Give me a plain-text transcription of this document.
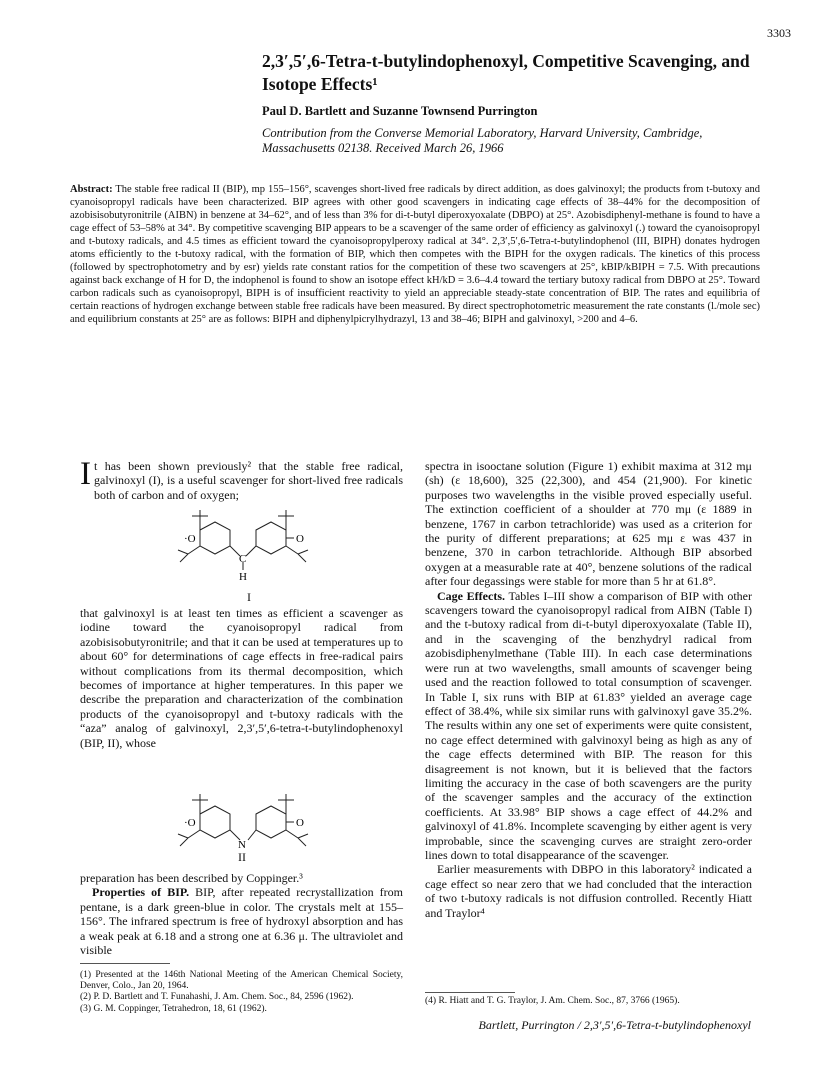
3303
2,3′,5′,6-Tetra-t-butylindophenoxyl, Competitive Scavenging, and Isotope Effects¹
Paul D. Bartlett and Suzanne Townsend Purrington
Contribution from the Converse Memorial Laboratory, Harvard University, Cambridge, Massachusetts 02138. Received March 26, 1966
Abstract: The stable free radical II (BIP), mp 155–156°, scavenges short-lived free radicals by direct addition, as does galvinoxyl; the products from t-butoxy and cyanoisopropyl radicals have been characterized. BIP agrees with other good scavengers in indicating cage effects of 38–44% for the decomposition of azobisisobutyronitrile (AIBN) in benzene at 34–62°, and of less than 3% for di-t-butyl diperoxyoxalate (DBPO) at 25°. Azobisdiphenyl-methane is found to have a cage effect of 53–58% at 34°. By competitive scavenging BIP appears to be a scavenger of the same order of efficiency as galvinoxyl (.) toward the cyanoisopropyl and t-butoxy radicals, and 4.5 times as efficient toward the cyanoisopropylperoxy radical at 34°. 2,3′,5′,6-Tetra-t-butylindophenol (III, BIPH) donates hydrogen atoms efficiently to the t-butoxy radical, with the formation of BIP, which then competes with the BIPH for the oxygen radicals. The kinetics of this process (followed by spectrophotometry and by esr) yields rate constant ratios for the competition of these two scavengers at 25°, kBIP/kBIPH = 7.5. With precautions against back exchange of H for D, the indophenol is found to show an isotope effect kH/kD = 3.6–4.4 toward the tertiary butoxy radical from DBPO at 25°. Toward carbon radicals such as cyanoisopropyl, BIPH is of insufficient reactivity to yield an appreciable steady-state concentration of BIP. The rates and equilibria of certain reactions of hydrogen exchange between stable free radicals have been measured. By direct spectrophotometric measurement the rate constants (l./mole sec) and equilibrium constants at 25° are as follows: BIPH and diphenylpicrylhydrazyl, 13 and 38–46; BIPH and galvinoxyl, >200 and 4–6.
I t has been shown previously² that the stable free radical, galvinoxyl (I), is a useful scavenger for short-lived free radicals both of carbon and of oxygen;

·O	O
C
H
I
that galvinoxyl is at least ten times as efficient a scavenger as iodine toward the cyanoisopropyl radical from azobisisobutyronitrile; and that it can be used at temperatures up to about 60° for determinations of cage effects in free-radical pairs without complications from its thermal decomposition, which becomes of importance at higher temperatures. In this paper we describe the preparation and characterization of the combination products of the cyanoisopropyl and t-butoxy radicals with the “aza” analog of galvinoxyl, 2,3′,5′,6-tetra-t-butylindophenoxyl (BIP, II), whose
·O	O
N
II

preparation has been described by Coppinger.³

Properties of BIP. BIP, after repeated recrystallization from pentane, is a dark green-blue in color. The crystals melt at 155–156°. The infrared spectrum is free of hydroxyl absorption and has a weak peak at 6.18 and a strong one at 6.36 μ. The ultraviolet and visible

(1) Presented at the 146th National Meeting of the American Chemical Society, Denver, Colo., Jan 20, 1964.

(2) P. D. Bartlett and T. Funahashi, J. Am. Chem. Soc., 84, 2596 (1962).

(3) G. M. Coppinger, Tetrahedron, 18, 61 (1962).

spectra in isooctane solution (Figure 1) exhibit maxima at 312 mμ (sh) (ε 18,600), 325 (22,300), and 454 (21,900). For kinetic purposes two wavelengths in the visible proved especially useful. The extinction coefficient of a shoulder at 770 mμ (ε 1889 in benzene, 1767 in carbon tetrachloride) was used as a criterion for the purity of different preparations; at 625 mμ ε was 437 in benzene, 370 in carbon tetrachloride. Although BIP absorbed oxygen at a measurable rate at 40°, benzene solutions of the radical after four degassings were stable for more than 5 hr at 61.8°.

Cage Effects. Tables I–III show a comparison of BIP with other scavengers toward the cyanoisopropyl radical from AIBN (Table I) and the t-butoxy radical from di-t-butyl diperoxyoxalate (Table II), and in the scavenging of the benzhydryl radical from azobisdiphenylmethane (Table III). In each case determinations were run at two wavelengths, small amounts of scavenger being used and the reaction followed to total consumption of scavenger. In Table I, six runs with BIP at 61.83° yielded an average cage effect of 38.4%, while six similar runs with galvinoxyl gave 35.2%. The results within any one set of experiments were quite consistent, no cage effect determined with galvinoxyl being as high as any of the cage effects determined with BIP. The reason for this disagreement is not known, but it is believed that the factors limiting the accuracy in the case of both scavengers are the purity of the scavenger samples and the accuracy of the extinction coefficients. At 33.98° BIP shows a cage effect of 44.2% and galvinoxyl of 41.8%. Incomplete scavenging by either agent is very improbable, since the scavenging curves are straight zero-order lines down to total disappearance of the scavenger.

Earlier measurements with DBPO in this laboratory² indicated a cage effect so near zero that we had concluded that the interaction of two t-butoxy radicals is not diffusion controlled. Recently Hiatt and Traylor⁴

(4) R. Hiatt and T. G. Traylor, J. Am. Chem. Soc., 87, 3766 (1965).
Bartlett, Purrington / 2,3′,5′,6-Tetra-t-butylindophenoxyl
